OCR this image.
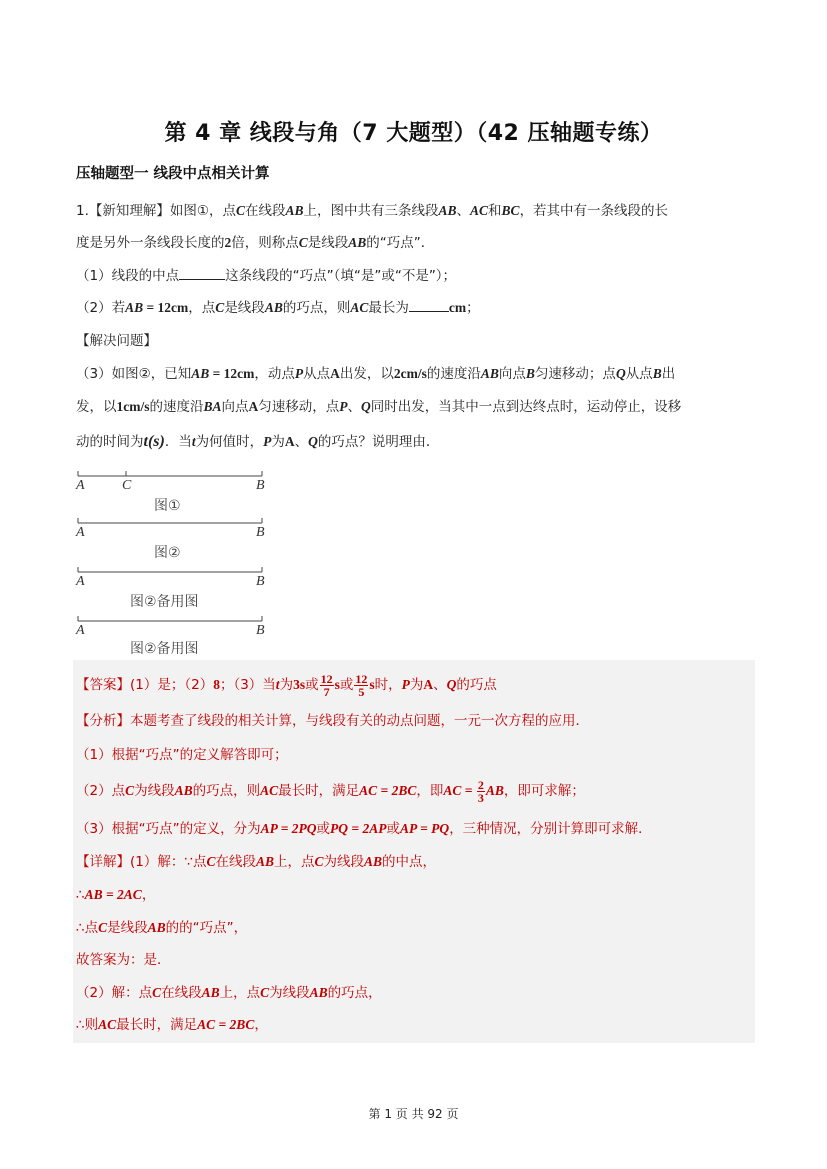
第 4 章 线段与角（7 大题型）（42 压轴题专练）
压轴题型一 线段中点相关计算
1.【新知理解】如图①，点C在线段AB上，图中共有三条线段AB、AC和BC，若其中有一条线段的长
度是另外一条线段长度的2倍，则称点C是线段AB的“巧点”．
（1）线段的中点	这条线段的“巧点”（填“是”或“不是”）；
（2）若AB = 12cm，点C是线段AB的巧点，则AC最长为	cm；
【解决问题】
（3）如图②，已知AB = 12cm，动点P从点A出发，以2cm/s的速度沿AB向点B匀速移动；点Q从点B出
发，以1cm/s的速度沿BA向点A匀速移动，点P、Q同时出发，当其中一点到达终点时，运动停止，设移
动的时间为t(s)．当t为何值时，P为A、Q的巧点？说明理由．
A	C	B
图①
A	B
图②
A	B
图②备用图
A	B
图②备用图
【答案】(1）是；（2）8；（3）当t为3s或 $\frac{12}{7}$ s或 $\frac{12}{5}$ s时，P为A、Q的巧点
【分析】本题考查了线段的相关计算，与线段有关的动点问题，一元一次方程的应用．
（1）根据“巧点”的定义解答即可；
（2）点C为线段AB的巧点，则AC最长时，满足AC = 2BC，即AC = $\frac{2}{3}$ AB，即可求解；
（3）根据“巧点”的定义，分为AP = 2PQ或PQ = 2AP或AP = PQ，三种情况，分别计算即可求解．
【详解】(1）解：∵点C在线段AB上，点C为线段AB的中点，
∴AB = 2AC，
∴点C是线段AB的的“巧点”，
故答案为：是．
（2）解：点C在线段AB上，点C为线段AB的巧点，
∴则AC最长时，满足AC = 2BC，
第 1 页 共 92 页
